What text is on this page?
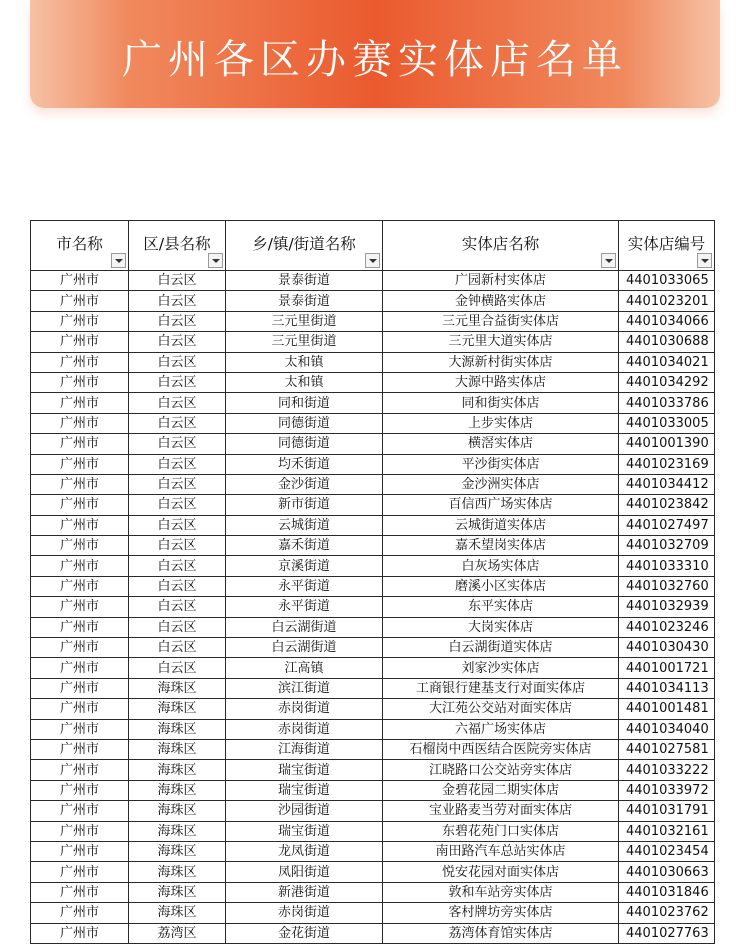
广州各区办赛实体店名单
市名称	区/县名称	乡/镇/街道名称	实体店名称	实体店编号

广州市	白云区	景泰街道	广园新村实体店	4401033065
广州市	白云区	景泰街道	金钟横路实体店	4401023201
广州市	白云区	三元里街道	三元里合益街实体店	4401034066
广州市	白云区	三元里街道	三元里大道实体店	4401030688
广州市	白云区	太和镇	大源新村街实体店	4401034021
广州市	白云区	太和镇	大源中路实体店	4401034292
广州市	白云区	同和街道	同和街实体店	4401033786
广州市	白云区	同德街道	上步实体店	4401033005
广州市	白云区	同德街道	横滘实体店	4401001390
广州市	白云区	均禾街道	平沙街实体店	4401023169
广州市	白云区	金沙街道	金沙洲实体店	4401034412
广州市	白云区	新市街道	百信西广场实体店	4401023842
广州市	白云区	云城街道	云城街道实体店	4401027497
广州市	白云区	嘉禾街道	嘉禾望岗实体店	4401032709
广州市	白云区	京溪街道	白灰场实体店	4401033310
广州市	白云区	永平街道	磨溪小区实体店	4401032760
广州市	白云区	永平街道	东平实体店	4401032939
广州市	白云区	白云湖街道	大岗实体店	4401023246
广州市	白云区	白云湖街道	白云湖街道实体店	4401030430
广州市	白云区	江高镇	刘家沙实体店	4401001721
广州市	海珠区	滨江街道	工商银行建基支行对面实体店	4401034113
广州市	海珠区	赤岗街道	大江苑公交站对面实体店	4401001481
广州市	海珠区	赤岗街道	六福广场实体店	4401034040
广州市	海珠区	江海街道	石榴岗中西医结合医院旁实体店	4401027581
广州市	海珠区	瑞宝街道	江晓路口公交站旁实体店	4401033222
广州市	海珠区	瑞宝街道	金碧花园二期实体店	4401033972
广州市	海珠区	沙园街道	宝业路麦当劳对面实体店	4401031791
广州市	海珠区	瑞宝街道	东碧花苑门口实体店	4401032161
广州市	海珠区	龙凤街道	南田路汽车总站实体店	4401023454
广州市	海珠区	凤阳街道	悦安花园对面实体店	4401030663
广州市	海珠区	新港街道	敦和车站旁实体店	4401031846
广州市	海珠区	赤岗街道	客村牌坊旁实体店	4401023762
广州市	荔湾区	金花街道	荔湾体育馆实体店	4401027763
